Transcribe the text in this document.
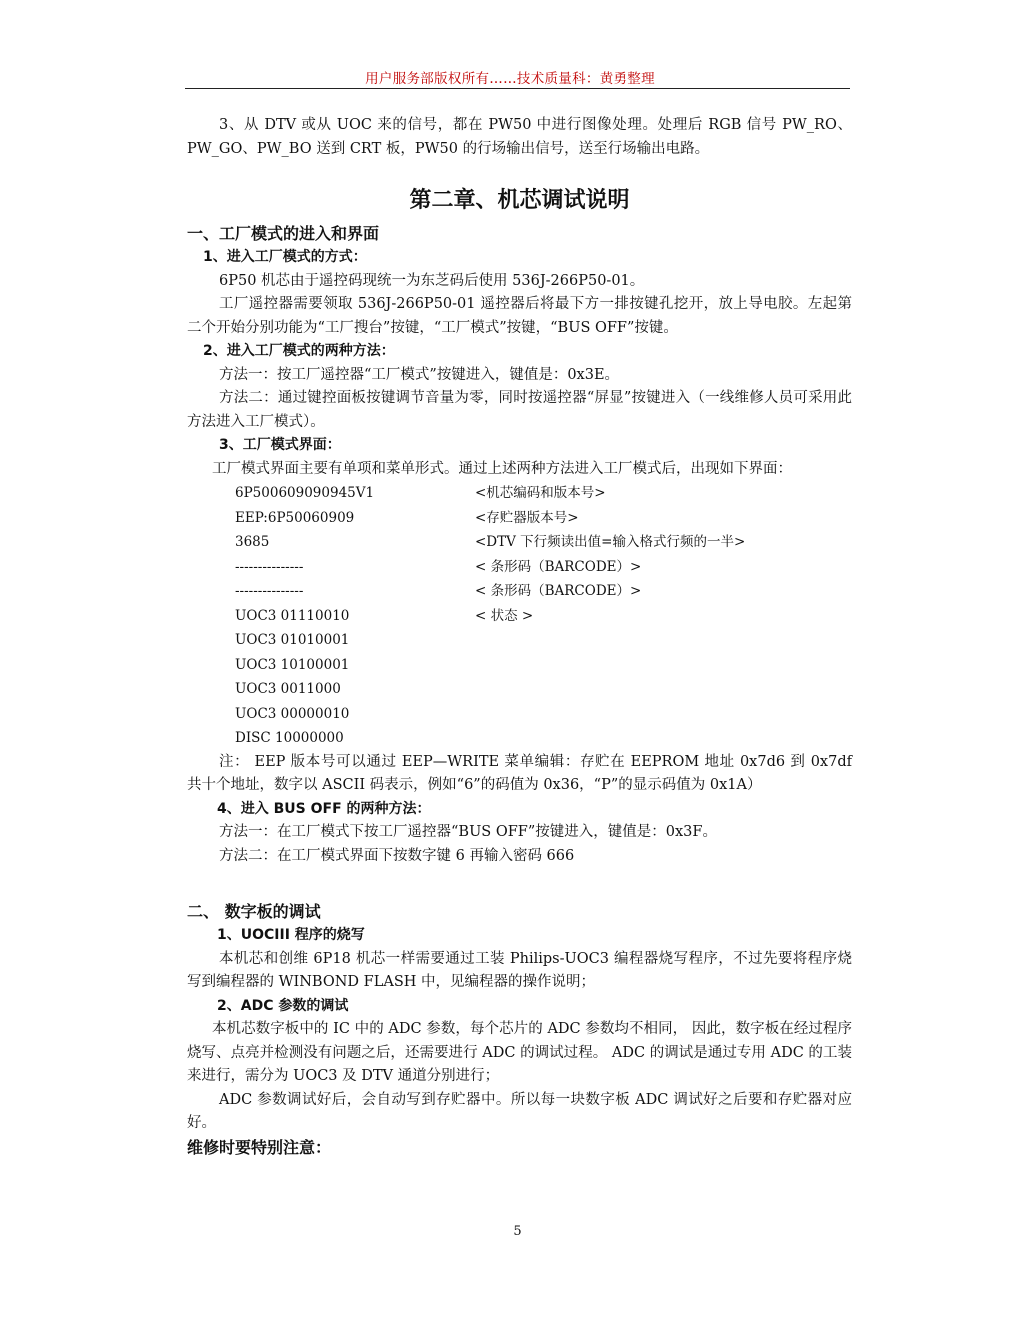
用户服务部版权所有……技术质量科：黄勇整理

3、从 DTV 或从 UOC 来的信号，都在 PW50 中进行图像处理。处理后 RGB 信号 PW_RO、PW_GO、PW_BO 送到 CRT 板，PW50 的行场输出信号，送至行场输出电路。

第二章、机芯调试说明
一、工厂模式的进入和界面
1、进入工厂模式的方式：

6P50 机芯由于遥控码现统一为东芝码后使用 536J-266P50-01。

工厂遥控器需要领取 536J-266P50-01 遥控器后将最下方一排按键孔挖开，放上导电胶。左起第二个开始分别功能为“工厂搜台”按键，“工厂模式”按键，“BUS OFF”按键。

2、进入工厂模式的两种方法：

方法一：按工厂遥控器“工厂模式”按键进入，键值是：0x3E。

方法二：通过键控面板按键调节音量为零，同时按遥控器“屏显”按键进入（一线维修人员可采用此方法进入工厂模式）。

3、工厂模式界面：

工厂模式界面主要有单项和菜单形式。通过上述两种方法进入工厂模式后，出现如下界面：

6P500609090945V1	<机芯编码和版本号>
EEP:6P50060909	<存贮器版本号>
3685	<DTV 下行频读出值=输入格式行频的一半>
---------------	< 条形码（BARCODE）>
---------------	< 条形码（BARCODE）>
UOC3 01110010	< 状态 >
UOC3 01010001
UOC3 10100001
UOC3 0011000
UOC3 00000010
DISC 10000000

注： EEP 版本号可以通过 EEP—WRITE 菜单编辑：存贮在 EEPROM 地址 0x7d6 到 0x7df 共十个地址，数字以 ASCII 码表示，例如“6”的码值为 0x36，“P”的显示码值为 0x1A）

4、进入 BUS OFF 的两种方法：

方法一：在工厂模式下按工厂遥控器“BUS OFF”按键进入，键值是：0x3F。

方法二：在工厂模式界面下按数字键 6 再输入密码 666

二、 数字板的调试
1、UOCIII 程序的烧写

本机芯和创维 6P18 机芯一样需要通过工装 Philips-UOC3 编程器烧写程序，不过先要将程序烧写到编程器的 WINBOND FLASH 中，见编程器的操作说明；

2、ADC 参数的调试

本机芯数字板中的 IC 中的 ADC 参数，每个芯片的 ADC 参数均不相同， 因此，数字板在经过程序烧写、点亮并检测没有问题之后，还需要进行 ADC 的调试过程。 ADC 的调试是通过专用 ADC 的工装来进行，需分为 UOC3 及 DTV 通道分别进行；

ADC 参数调试好后，会自动写到存贮器中。所以每一块数字板 ADC 调试好之后要和存贮器对应好。

维修时要特别注意：
5
